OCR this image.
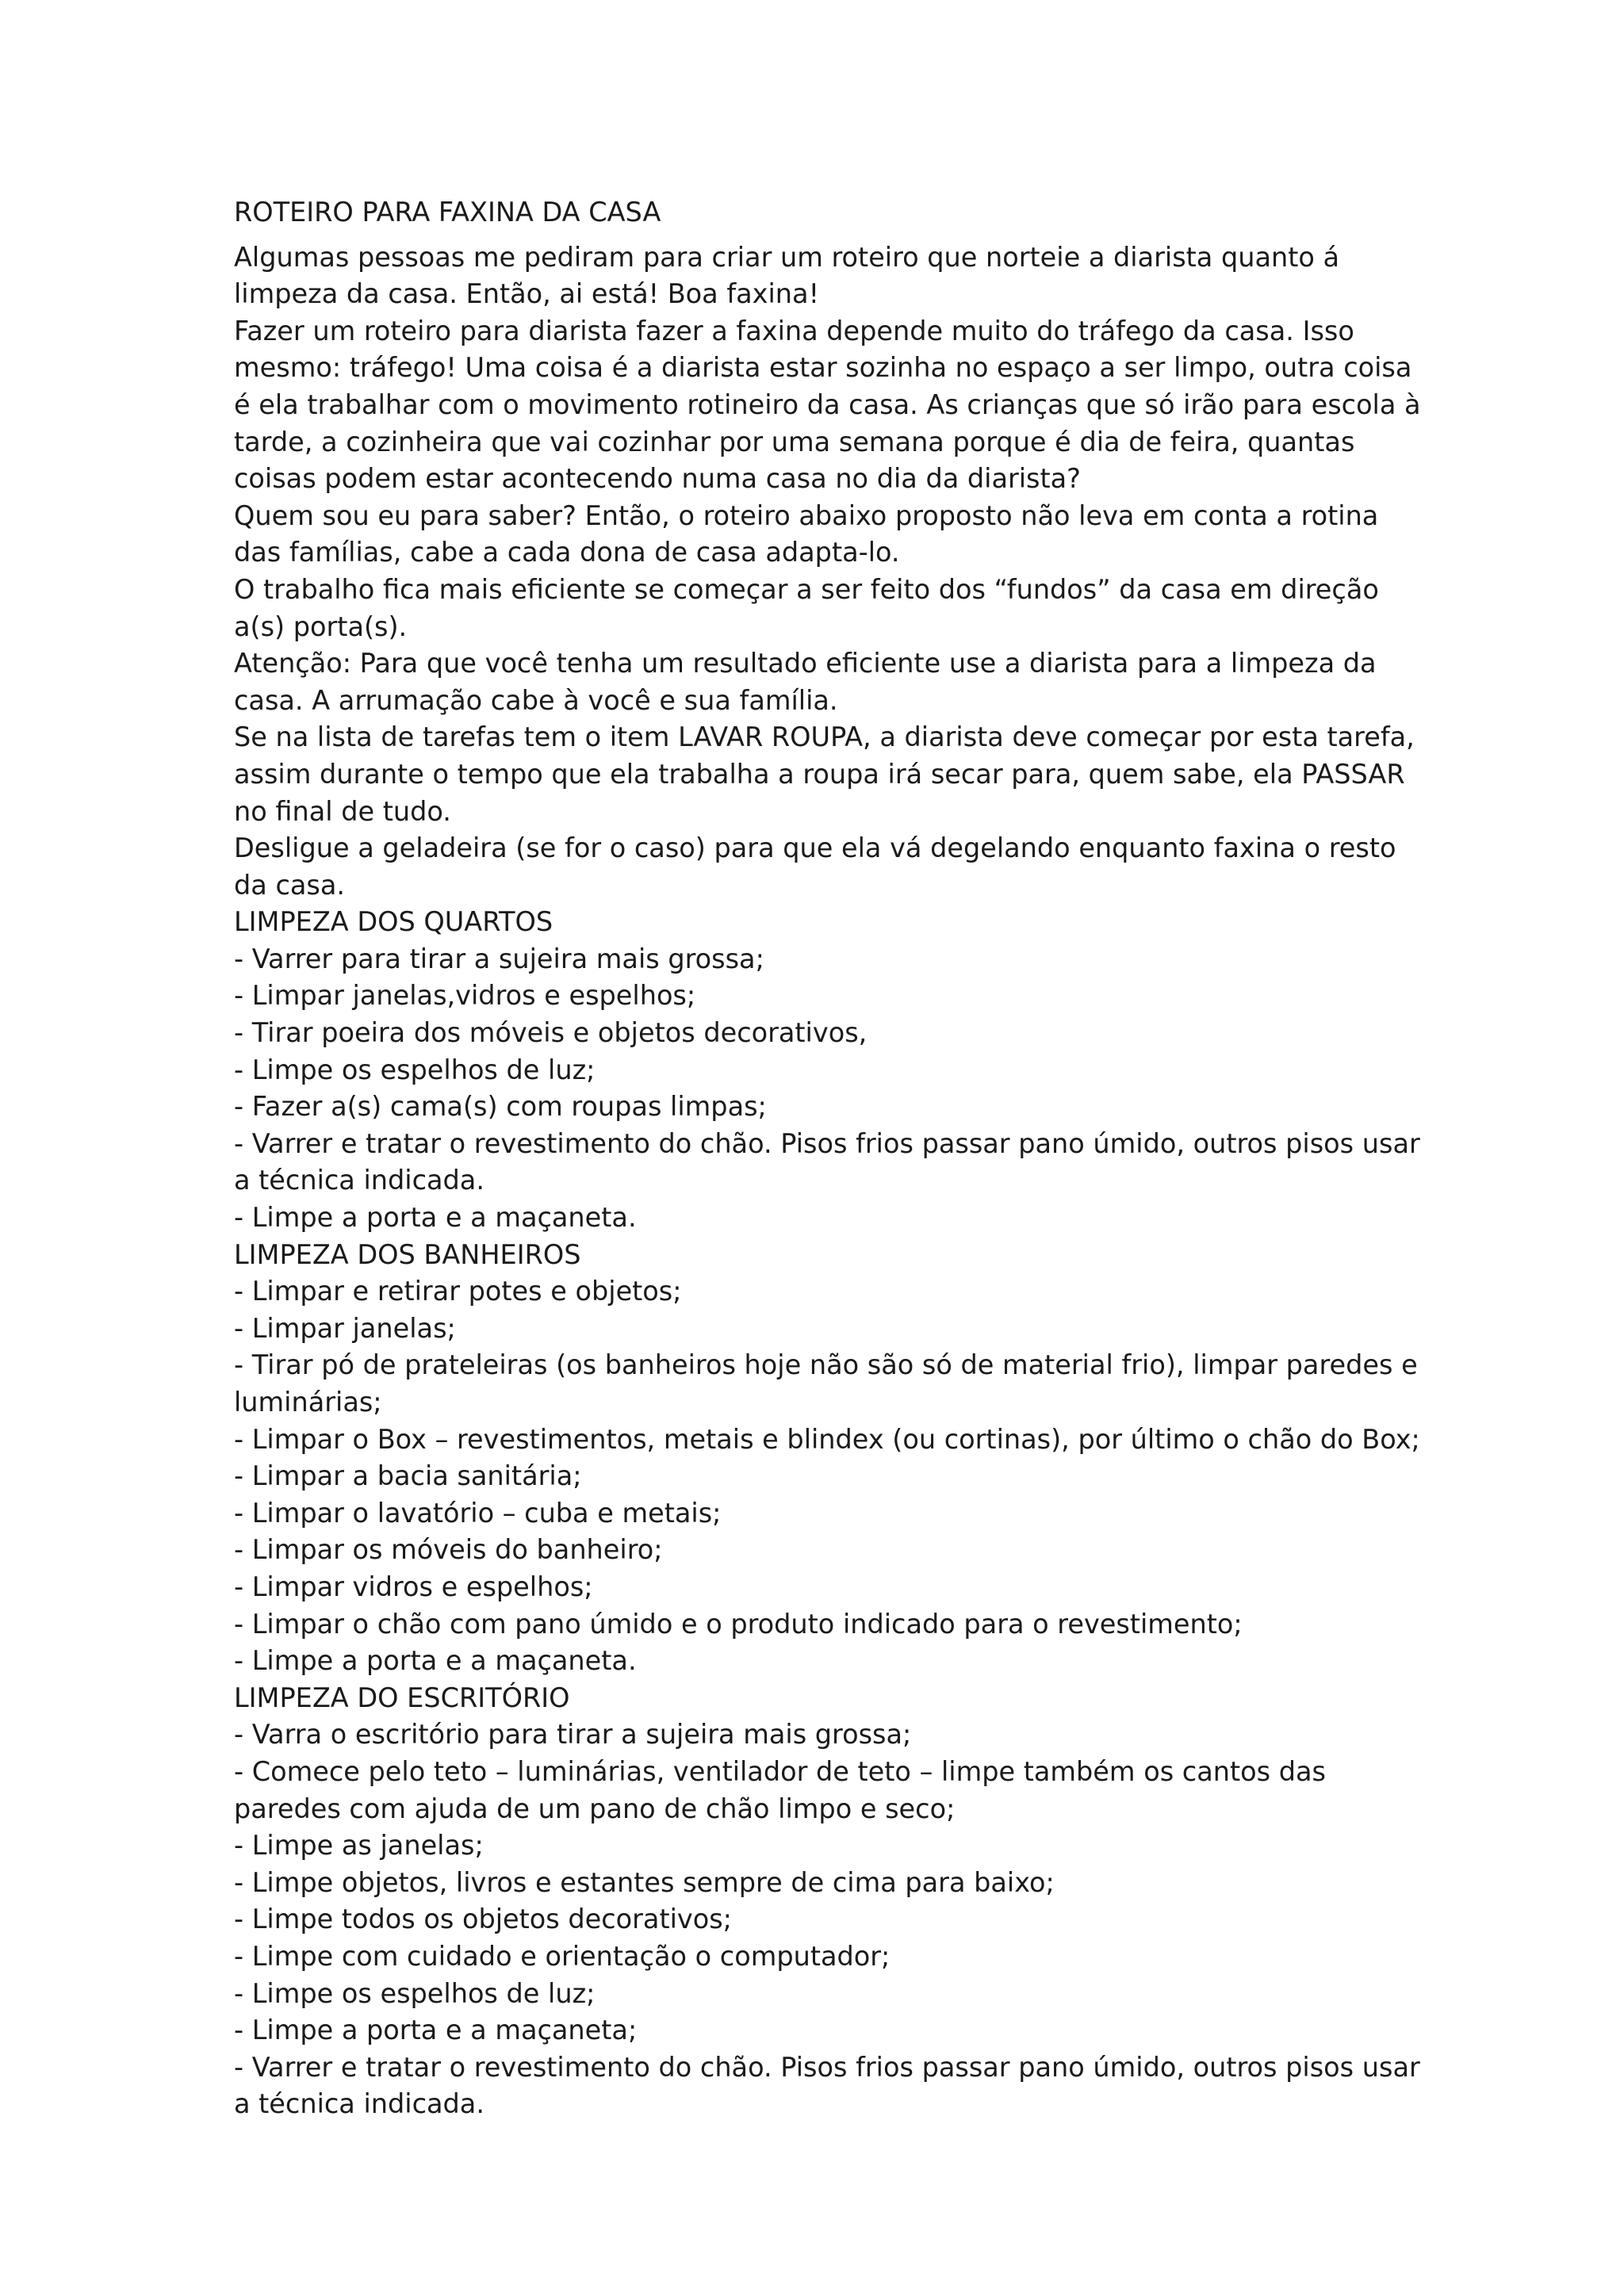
ROTEIRO PARA FAXINA DA CASA
Algumas pessoas me pediram para criar um roteiro que norteie a diarista quanto á limpeza da casa. Então, ai está! Boa faxina!
Fazer um roteiro para diarista fazer a faxina depende muito do tráfego da casa. Isso mesmo: tráfego! Uma coisa é a diarista estar sozinha no espaço a ser limpo, outra coisa é ela trabalhar com o movimento rotineiro da casa. As crianças que só irão para escola à tarde, a cozinheira que vai cozinhar por uma semana porque é dia de feira, quantas coisas podem estar acontecendo numa casa no dia da diarista?
Quem sou eu para saber? Então, o roteiro abaixo proposto não leva em conta a rotina das famílias, cabe a cada dona de casa adapta-lo.
O trabalho fica mais eficiente se começar a ser feito dos “fundos” da casa em direção a(s) porta(s).
Atenção: Para que você tenha um resultado eficiente use a diarista para a limpeza da casa. A arrumação cabe à você e sua família.
Se na lista de tarefas tem o item LAVAR ROUPA, a diarista deve começar por esta tarefa, assim durante o tempo que ela trabalha a roupa irá secar para, quem sabe, ela PASSAR no final de tudo.
Desligue a geladeira (se for o caso) para que ela vá degelando enquanto faxina o resto da casa.
LIMPEZA DOS QUARTOS
- Varrer para tirar a sujeira mais grossa;
- Limpar janelas,vidros e espelhos;
- Tirar poeira dos móveis e objetos decorativos,
- Limpe os espelhos de luz;
- Fazer a(s) cama(s) com roupas limpas;
- Varrer e tratar o revestimento do chão. Pisos frios passar pano úmido, outros pisos usar a técnica indicada.
- Limpe a porta e a maçaneta.
LIMPEZA DOS BANHEIROS
- Limpar e retirar potes e objetos;
- Limpar janelas;
- Tirar pó de prateleiras (os banheiros hoje não são só de material frio), limpar paredes e luminárias;
- Limpar o Box – revestimentos, metais e blindex (ou cortinas), por último o chão do Box;
- Limpar a bacia sanitária;
- Limpar o lavatório – cuba e metais;
- Limpar os móveis do banheiro;
- Limpar vidros e espelhos;
- Limpar o chão com pano úmido e o produto indicado para o revestimento;
- Limpe a porta e a maçaneta.
LIMPEZA DO ESCRITÓRIO
- Varra o escritório para tirar a sujeira mais grossa;
- Comece pelo teto – luminárias, ventilador de teto – limpe também os cantos das paredes com ajuda de um pano de chão limpo e seco;
- Limpe as janelas;
- Limpe objetos, livros e estantes sempre de cima para baixo;
- Limpe todos os objetos decorativos;
- Limpe com cuidado e orientação o computador;
- Limpe os espelhos de luz;
- Limpe a porta e a maçaneta;
- Varrer e tratar o revestimento do chão. Pisos frios passar pano úmido, outros pisos usar a técnica indicada.
